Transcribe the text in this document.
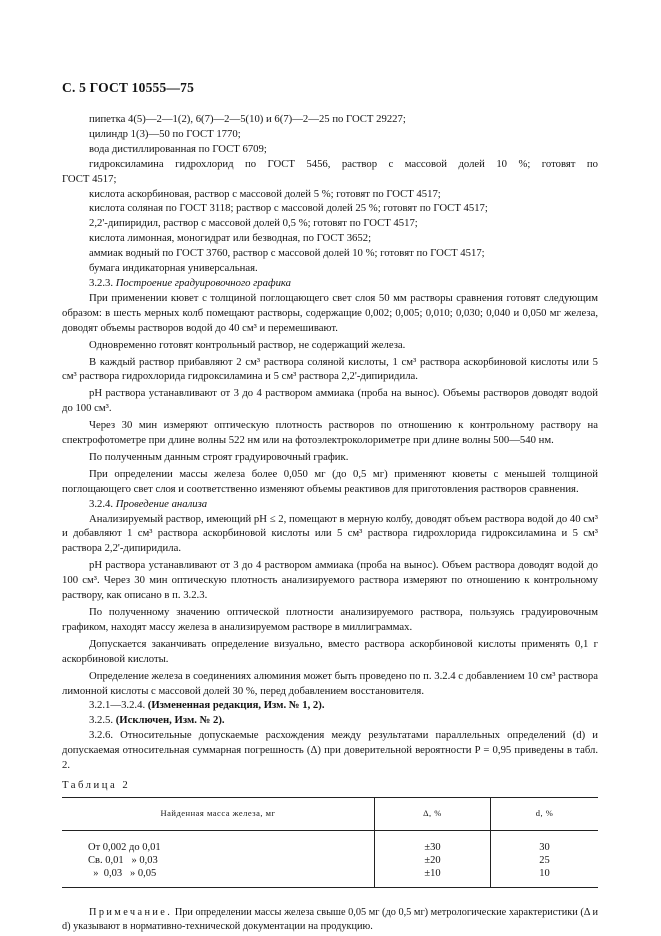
С. 5 ГОСТ 10555—75

пипетка 4(5)—2—1(2), 6(7)—2—5(10) и 6(7)—2—25 по ГОСТ 29227;

цилиндр 1(3)—50 по ГОСТ 1770;

вода дистиллированная по ГОСТ 6709;

гидроксиламина гидрохлорид по ГОСТ 5456, раствор с массовой долей 10 %; готовят по

ГОСТ 4517;

кислота аскорбиновая, раствор с массовой долей 5 %; готовят по ГОСТ 4517;

кислота соляная по ГОСТ 3118; раствор с массовой долей 25 %; готовят по ГОСТ 4517;

2,2'-дипиридил, раствор с массовой долей 0,5 %; готовят по ГОСТ 4517;

кислота лимонная, моногидрат или безводная, по ГОСТ 3652;

аммиак водный по ГОСТ 3760, раствор с массовой долей 10 %; готовят по ГОСТ 4517;

бумага индикаторная универсальная.

3.2.3. Построение градуировочного графика

При применении кювет с толщиной поглощающего свет слоя 50 мм растворы сравнения готовят следующим образом: в шесть мерных колб помещают растворы, содержащие 0,002; 0,005; 0,010; 0,030; 0,040 и 0,050 мг железа, доводят объемы растворов водой до 40 см³ и перемешивают.

Одновременно готовят контрольный раствор, не содержащий железа.

В каждый раствор прибавляют 2 см³ раствора соляной кислоты, 1 см³ раствора аскорбиновой кислоты или 5 см³ раствора гидрохлорида гидроксиламина и 5 см³ раствора 2,2'-дипиридила.

pH раствора устанавливают от 3 до 4 раствором аммиака (проба на вынос). Объемы растворов доводят водой до 100 см³.

Через 30 мин измеряют оптическую плотность растворов по отношению к контрольному раствору на спектрофотометре при длине волны 522 нм или на фотоэлектроколориметре при длине волны 500—540 нм.

По полученным данным строят градуировочный график.

При определении массы железа более 0,050 мг (до 0,5 мг) применяют кюветы с меньшей толщиной поглощающего свет слоя и соответственно изменяют объемы реактивов для приготовления растворов сравнения.

3.2.4. Проведение анализа

Анализируемый раствор, имеющий pH ≤ 2, помещают в мерную колбу, доводят объем раствора водой до 40 см³ и добавляют 1 см³ раствора аскорбиновой кислоты или 5 см³ раствора гидрохлорида гидроксиламина и 5 см³ раствора 2,2'-дипиридила.

pH раствора устанавливают от 3 до 4 раствором аммиака (проба на вынос). Объем раствора доводят водой до 100 см³. Через 30 мин оптическую плотность анализируемого раствора измеряют по отношению к контрольному раствору, как описано в п. 3.2.3.

По полученному значению оптической плотности анализируемого раствора, пользуясь градуировочным графиком, находят массу железа в анализируемом растворе в миллиграммах.

Допускается заканчивать определение визуально, вместо раствора аскорбиновой кислоты применять 0,1 г аскорбиновой кислоты.

Определение железа в соединениях алюминия может быть проведено по п. 3.2.4 с добавлением 10 см³ раствора лимонной кислоты с массовой долей 30 %, перед добавлением восстановителя.

3.2.1—3.2.4. (Измененная редакция, Изм. № 1, 2).

3.2.5. (Исключен, Изм. № 2).

3.2.6. Относительные допускаемые расхождения между результатами параллельных определений (d) и допускаемая относительная суммарная погрешность (Δ) при доверительной вероятности P = 0,95 приведены в табл. 2.

Таблица 2

Найденная масса железа, мг	Δ, %	d, %
От 0,002 до 0,01	±30	30
Св. 0,01   » 0,03	±20	25
»  0,03   » 0,05	±10	10

Примечание. При определении массы железа свыше 0,05 мг (до 0,5 мг) метрологические характеристики (Δ и d) указывают в нормативно-технической документации на продукцию.
